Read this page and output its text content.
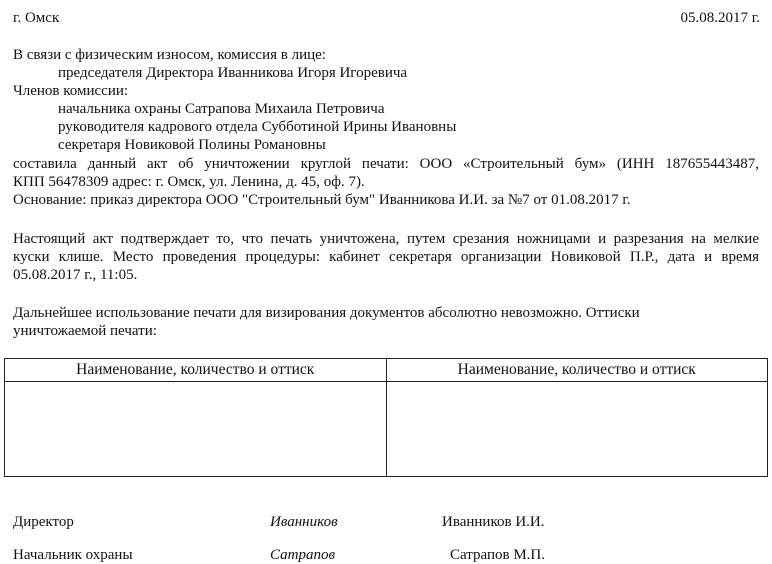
г. Омск	05.08.2017 г.
В связи с физическим износом, комиссия в лице:
председателя Директора Иванникова Игоря Игоревича
Членов комиссии:
начальника охраны Сатрапова Михаила Петровича
руководителя кадрового отдела Субботиной Ирины Ивановны
секретаря Новиковой Полины Романовны
составила данный акт об уничтожении круглой печати: ООО «Строительный бум» (ИНН 187655443487,
КПП 56478309 адрес: г. Омск, ул. Ленина, д. 45, оф. 7).
Основание: приказ директора ООО "Строительный бум" Иванникова И.И. за №7 от 01.08.2017 г.
Настоящий акт подтверждает то, что печать уничтожена, путем срезания ножницами и разрезания на мелкие
куски клише. Место проведения процедуры: кабинет секретаря организации Новиковой П.Р., дата и время
05.08.2017 г., 11:05.
Дальнейшее использование печати для визирования документов абсолютно невозможно. Оттиски
уничтожаемой печати:
Наименование, количество и оттиск	Наименование, количество и оттиск

Директор	Иванников	Иванников И.И.
Начальник охраны	Сатрапов	Сатрапов М.П.
